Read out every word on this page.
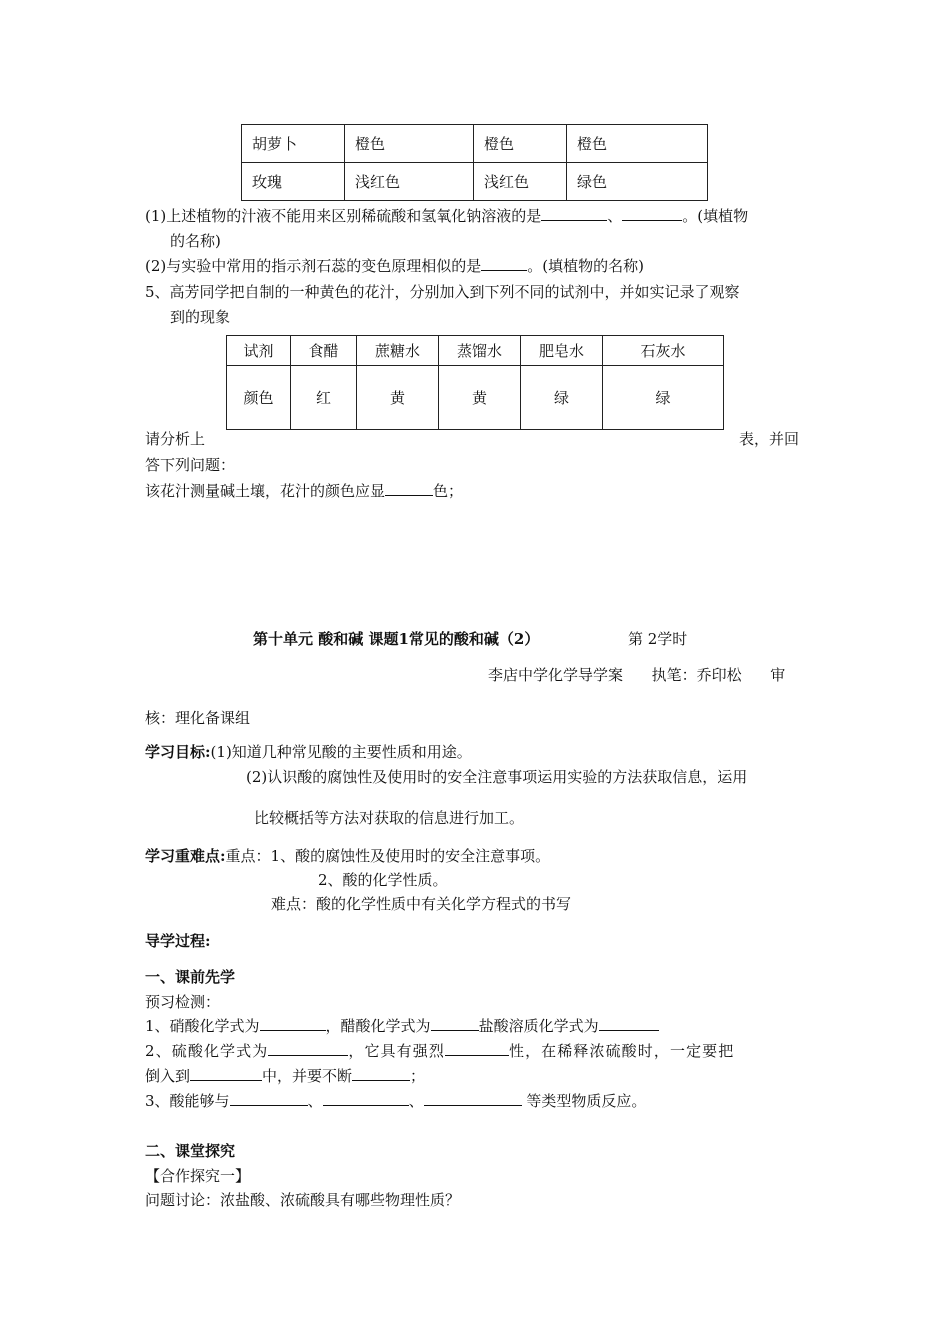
胡萝卜	橙色	橙色	橙色
玫瑰	浅红色	浅红色	绿色
(1)上述植物的汁液不能用来区别稀硫酸和氢氧化钠溶液的是	、	。(填植物
的名称)
(2)与实验中常用的指示剂石蕊的变色原理相似的是	。(填植物的名称)
5、高芳同学把自制的一种黄色的花汁，分别加入到下列不同的试剂中，并如实记录了观察
到的现象
试剂	食醋	蔗糖水	蒸馏水	肥皂水	石灰水
颜色	红	黄	黄	绿	绿
请分析上	表，并回
答下列问题：
该花汁测量碱土壤，花汁的颜色应显	色；
第十单元 酸和碱 课题1常见的酸和碱（2）	第 2学时
李店中学化学导学案      执笔：乔印松      审
核：理化备课组
学习目标:(1)知道几种常见酸的主要性质和用途。
(2)认识酸的腐蚀性及使用时的安全注意事项运用实验的方法获取信息，运用
比较概括等方法对获取的信息进行加工。
学习重难点:重点：1、酸的腐蚀性及使用时的安全注意事项。
2、酸的化学性质。
难点：酸的化学性质中有关化学方程式的书写
导学过程:
一、课前先学
预习检测：
1、硝酸化学式为	，醋酸化学式为	盐酸溶质化学式为
2、硫酸化学式为	，它具有强烈	性，在稀释浓硫酸时，一定要把
倒入到	中，并要不断	；
3、酸能够与	、	、	等类型物质反应。
二、课堂探究
【合作探究一】
问题讨论：浓盐酸、浓硫酸具有哪些物理性质？
